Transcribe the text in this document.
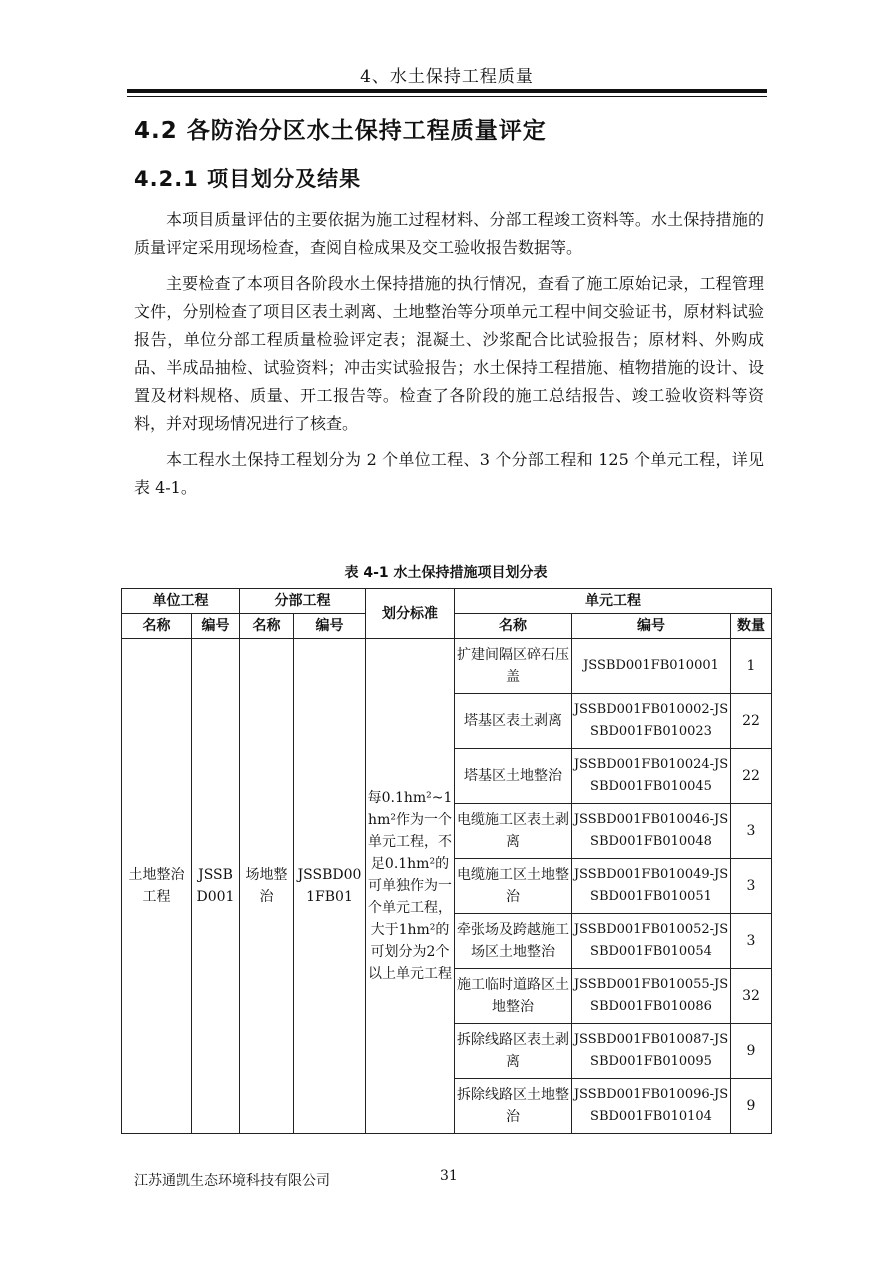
4、水土保持工程质量
4.2 各防治分区水土保持工程质量评定
4.2.1 项目划分及结果

本项目质量评估的主要依据为施工过程材料、分部工程竣工资料等。水土保持措施的质量评定采用现场检查，查阅自检成果及交工验收报告数据等。

主要检查了本项目各阶段水土保持措施的执行情况，查看了施工原始记录，工程管理文件，分别检查了项目区表土剥离、土地整治等分项单元工程中间交验证书，原材料试验报告，单位分部工程质量检验评定表；混凝土、沙浆配合比试验报告；原材料、外购成品、半成品抽检、试验资料；冲击实试验报告；水土保持工程措施、植物措施的设计、设置及材料规格、质量、开工报告等。检查了各阶段的施工总结报告、竣工验收资料等资料，并对现场情况进行了核查。

本工程水土保持工程划分为 2 个单位工程、3 个分部工程和 125 个单元工程，详见表 4-1。

表 4-1 水土保持措施项目划分表
单位工程		分部工程		划分标准	单元工程		
名称	编号	名称	编号		名称	编号	数量
土地整治工程	JSSBD001	场地整治	JSSBD001FB01	每0.1hm²~1hm²作为一个单元工程，不足0.1hm²的可单独作为一个单元工程，大于1hm²的可划分为2个以上单元工程	扩建间隔区碎石压盖	JSSBD001FB010001	1
					塔基区表土剥离	JSSBD001FB010002-JSSBD001FB010023	22
					塔基区土地整治	JSSBD001FB010024-JSSBD001FB010045	22
					电缆施工区表土剥离	JSSBD001FB010046-JSSBD001FB010048	3
					电缆施工区土地整治	JSSBD001FB010049-JSSBD001FB010051	3
					牵张场及跨越施工场区土地整治	JSSBD001FB010052-JSSBD001FB010054	3
					施工临时道路区土地整治	JSSBD001FB010055-JSSBD001FB010086	32
					拆除线路区表土剥离	JSSBD001FB010087-JSSBD001FB010095	9
					拆除线路区土地整治	JSSBD001FB010096-JSSBD001FB010104	9
江苏通凯生态环境科技有限公司	31
